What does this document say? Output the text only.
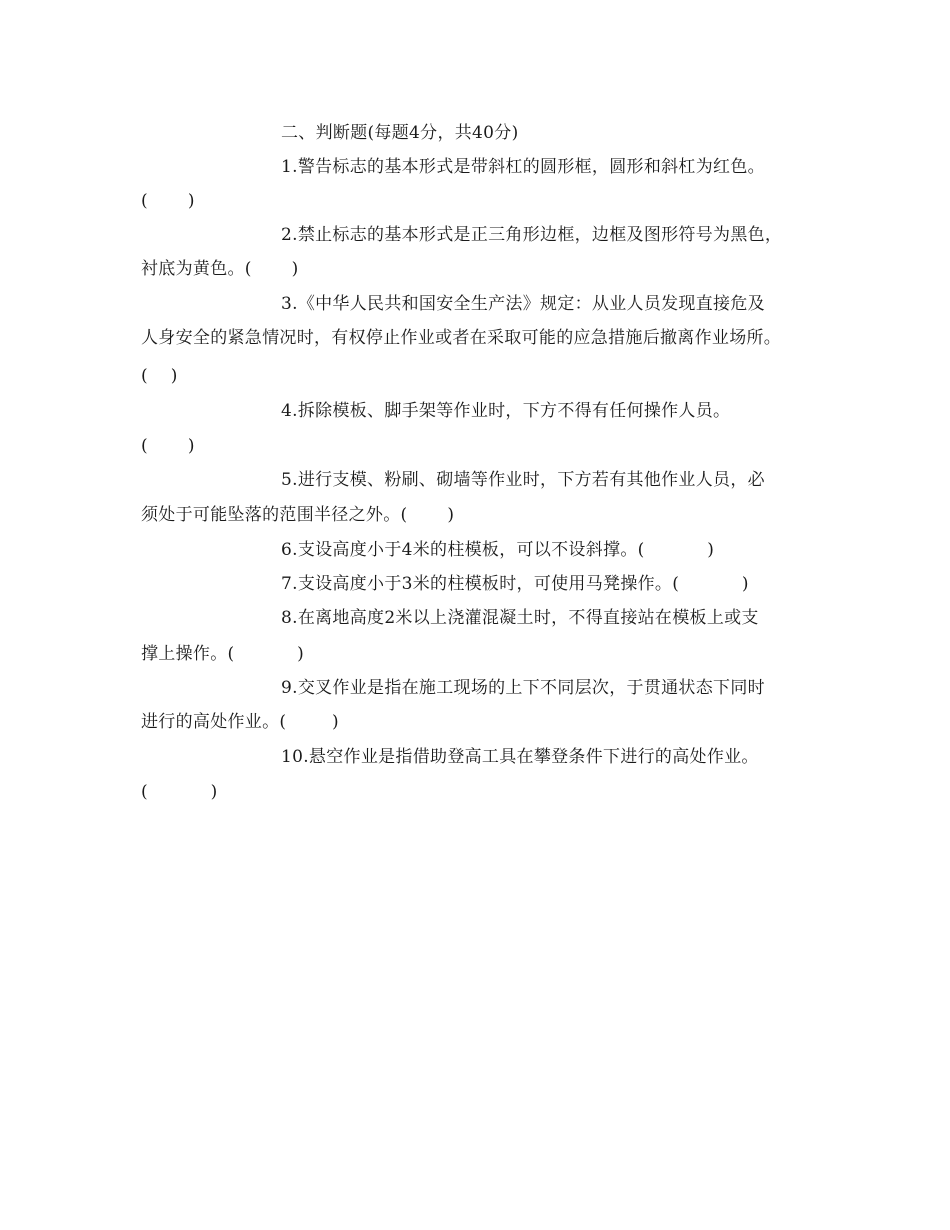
二、判断题(每题4分，共40分)
1.警告标志的基本形式是带斜杠的圆形框，圆形和斜杠为红色。
(       )
2.禁止标志的基本形式是正三角形边框，边框及图形符号为黑色，
衬底为黄色。(       )
3.《中华人民共和国安全生产法》规定：从业人员发现直接危及
人身安全的紧急情况时，有权停止作业或者在采取可能的应急措施后撤离作业场所。
(    )
4.拆除模板、脚手架等作业时，下方不得有任何操作人员。
(       )
5.进行支模、粉刷、砌墙等作业时，下方若有其他作业人员，必
须处于可能坠落的范围半径之外。(       )
6.支设高度小于4米的柱模板，可以不设斜撑。(           )
7.支设高度小于3米的柱模板时，可使用马凳操作。(           )
8.在离地高度2米以上浇灌混凝土时，不得直接站在模板上或支
撑上操作。(           )
9.交叉作业是指在施工现场的上下不同层次，于贯通状态下同时
进行的高处作业。(        )
10.悬空作业是指借助登高工具在攀登条件下进行的高处作业。
(           )
